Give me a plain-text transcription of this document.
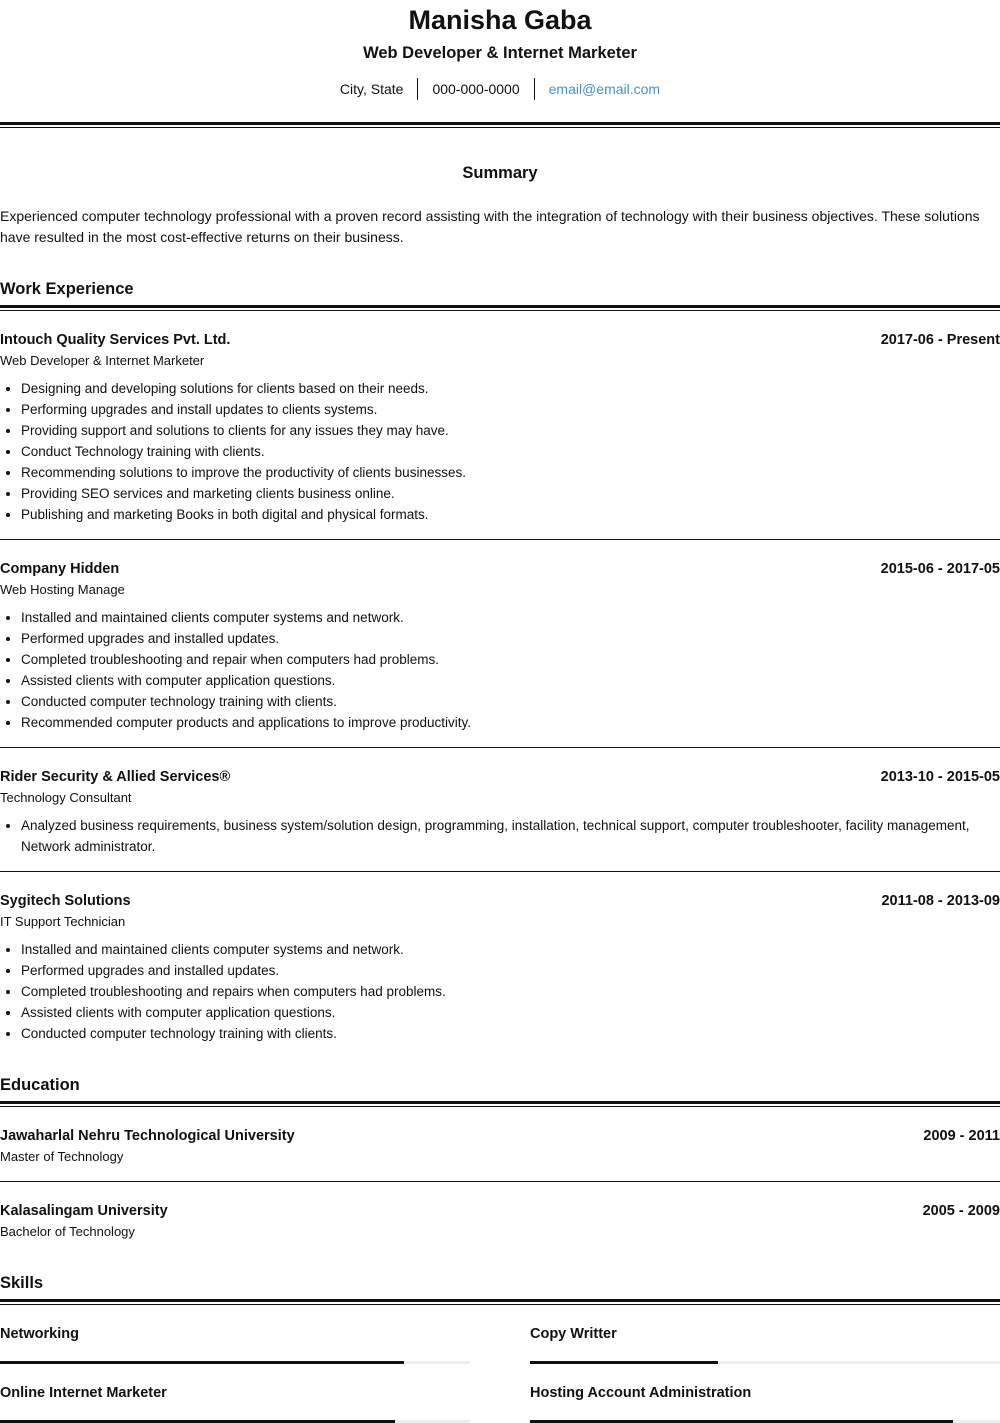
Manisha Gaba
Web Developer & Internet Marketer
City, State	000-000-0000	email@email.com
Summary
Experienced computer technology professional with a proven record assisting with the integration of technology with their business objectives. These solutions have resulted in the most cost-effective returns on their business.
Work Experience
Intouch Quality Services Pvt. Ltd.	2017-06 - Present
Web Developer & Internet Marketer
• Designing and developing solutions for clients based on their needs.
• Performing upgrades and install updates to clients systems.
• Providing support and solutions to clients for any issues they may have.
• Conduct Technology training with clients.
• Recommending solutions to improve the productivity of clients businesses.
• Providing SEO services and marketing clients business online.
• Publishing and marketing Books in both digital and physical formats.
Company Hidden	2015-06 - 2017-05
Web Hosting Manage
• Installed and maintained clients computer systems and network.
• Performed upgrades and installed updates.
• Completed troubleshooting and repair when computers had problems.
• Assisted clients with computer application questions.
• Conducted computer technology training with clients.
• Recommended computer products and applications to improve productivity.
Rider Security & Allied Services®	2013-10 - 2015-05
Technology Consultant
• Analyzed business requirements, business system/solution design, programming, installation, technical support, computer troubleshooter, facility management, Network administrator.
Sygitech Solutions	2011-08 - 2013-09
IT Support Technician
• Installed and maintained clients computer systems and network.
• Performed upgrades and installed updates.
• Completed troubleshooting and repairs when computers had problems.
• Assisted clients with computer application questions.
• Conducted computer technology training with clients.
Education
Jawaharlal Nehru Technological University	2009 - 2011
Master of Technology
Kalasalingam University	2005 - 2009
Bachelor of Technology
Skills
Networking	Copy Writter
Online Internet Marketer	Hosting Account Administration
